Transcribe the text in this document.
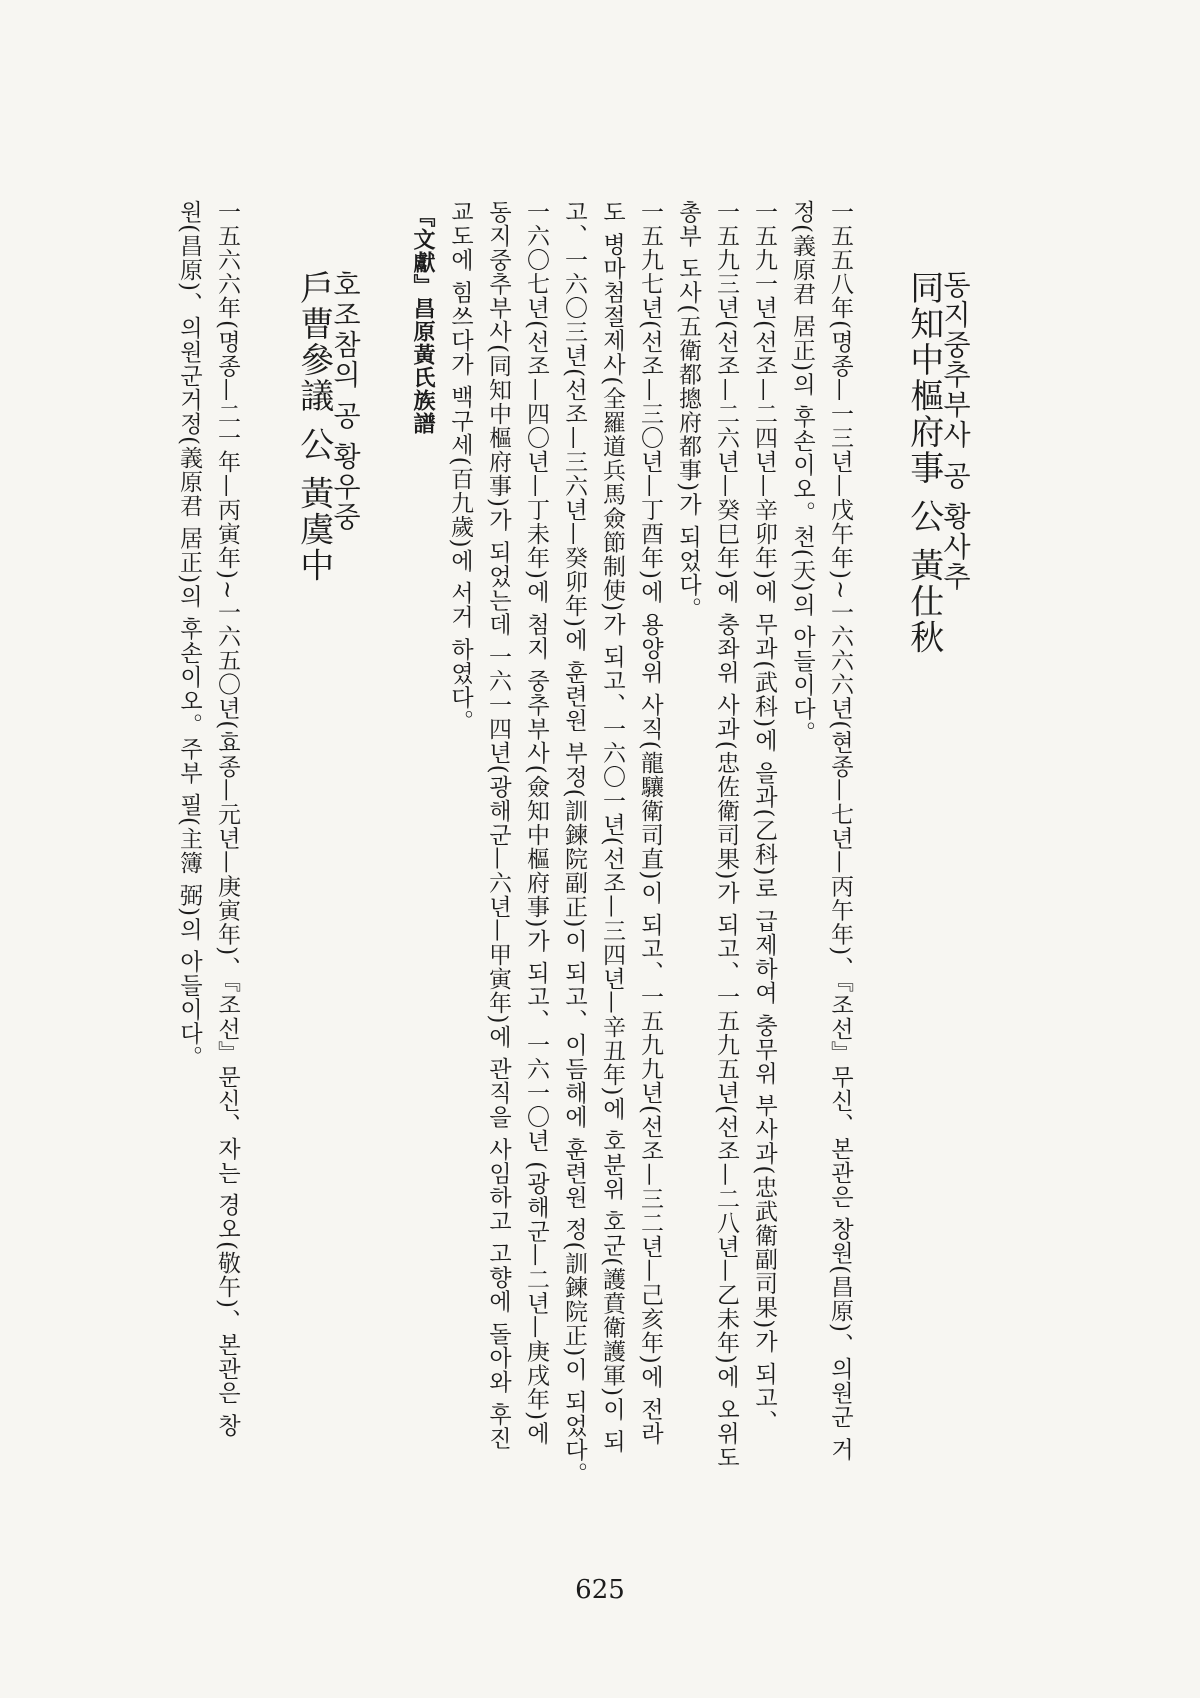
동지중추부사 공 황사추
同知中樞府事 公 黃仕秋
一五五八年(명종—一三년—戊午年)~一六六六년(현종—七년—丙午年)、『조선』무신、본관은 창원(昌原)、의원군 거
정(義原君 居正)의 후손이오。천(天)의 아들이다。
一五九一년(선조—二四년—辛卯年)에 무과(武科)에 을과(乙科)로 급제하여 충무위 부사과(忠武衛副司果)가 되고、
一五九三년(선조—二六년—癸巳年)에 충좌위 사과(忠佐衛司果)가 되고、一五九五년(선조—二八년—乙未年)에 오위도
총부 도사(五衛都摠府都事)가 되었다。
一五九七년(선조—三〇년—丁酉年)에 용양위 사직(龍驤衛司直)이 되고、一五九九년(선조—三二년—己亥年)에 전라
도 병마첨절제사(全羅道兵馬僉節制使)가 되고、一六〇一년(선조—三四년—辛丑年)에 호분위 호군(護賁衛護軍)이 되
고、一六〇三년(선조—三六년—癸卯年)에 훈련원 부정(訓鍊院副正)이 되고、이듬해에 훈련원 정(訓鍊院正)이 되었다。
一六〇七년(선조—四〇년—丁未年)에 첨지 중추부사(僉知中樞府事)가 되고、一六一〇년 (광해군—二년—庚戌年)에
동지중추부사(同知中樞府事)가 되었는데 一六一四년(광해군—六년—甲寅年)에 관직을 사임하고 고향에 돌아와 후진
교도에 힘쓰다가 백구세(百九歲)에 서거 하였다。
『文獻』昌原黃氏族譜
호조참의 공 황우중
戶曹參議 公 黃虞中
一五六六年(명종—二一年—丙寅年)~一六五〇년(효종—元년—庚寅年)、『조선』문신、자는 경오(敬午)、본관은 창
원(昌原)、의원군거정(義原君 居正)의 후손이오。주부 필(主簿 弼)의 아들이다。
625
